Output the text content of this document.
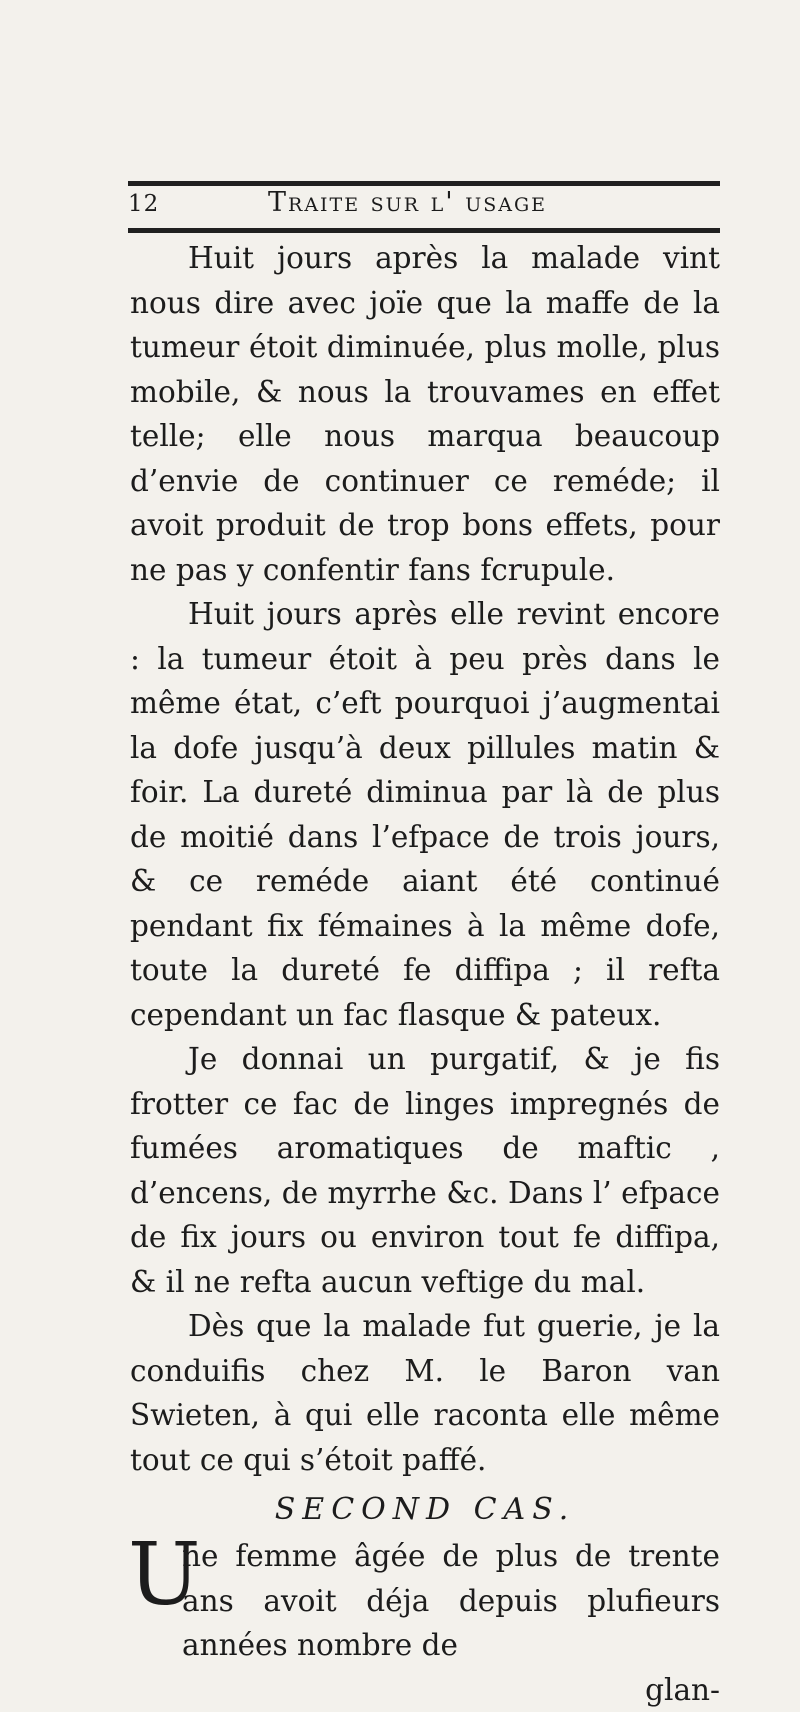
12	Traite sur l' usage

Huit jours après la malade vint nous dire avec joïe que la maffe de la tumeur étoit diminuée, plus molle, plus mobile, & nous la trouvames en effet telle; elle nous marqua beaucoup d’envie de continuer ce reméde; il avoit produit de trop bons effets, pour ne pas y confentir fans fcrupule.

Huit jours après elle revint encore : la tumeur étoit à peu près dans le même état, c’eft pourquoi j’augmentai la dofe jusqu’à deux pillules matin & foir. La dureté diminua par là de plus de moitié dans l’efpace de trois jours, & ce reméde aiant été continué pendant fix fémaines à la même dofe, toute la dureté fe diffipa ; il refta cependant un fac flasque & pateux.

Je donnai un purgatif, & je fis frotter ce fac de linges impregnés de fumées aromatiques de maftic , d’encens, de myrrhe &c. Dans l’ efpace de fix jours ou environ tout fe diffipa, & il ne refta aucun veftige du mal.

Dès que la malade fut guerie, je la conduifis chez M. le Baron van Swieten, à qui elle raconta elle même tout ce qui s’étoit paffé.

SECOND CAS.

U
ne femme âgée de plus de trente ans avoit déja depuis plufieurs années nombre de

glan-
